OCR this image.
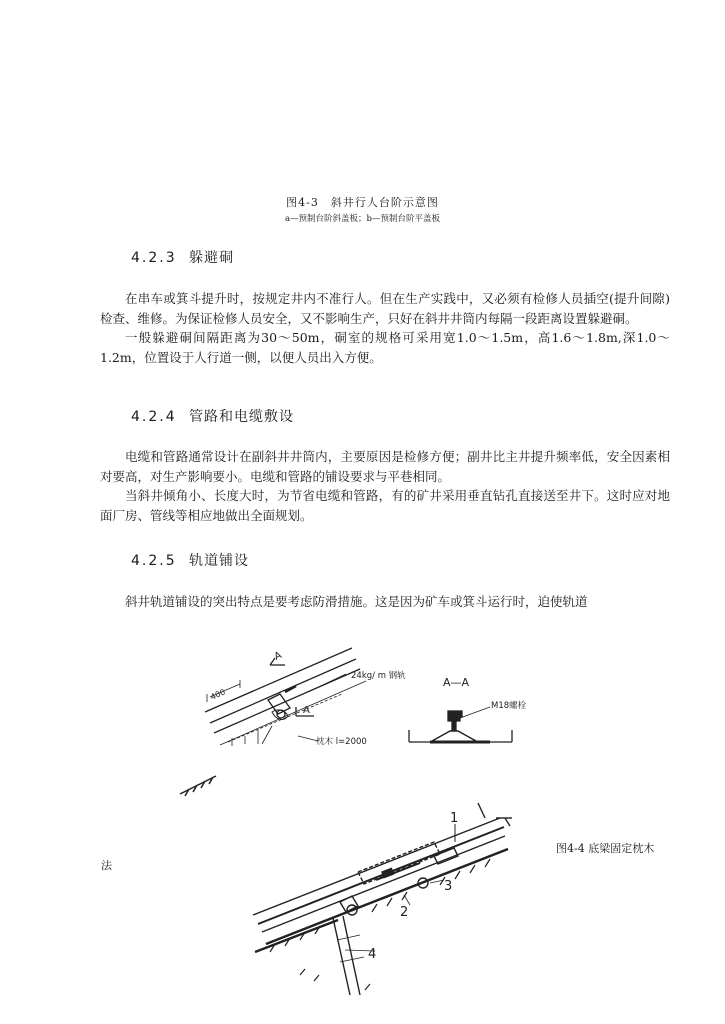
图4-3　斜井行人台阶示意图
a—预制台阶斜盖板；b—预制台阶平盖板
4.2.3 躲避硐

在串车或箕斗提升时，按规定井内不准行人。但在生产实践中，又必须有检修人员插空(提升间隙)检查、维修。为保证检修人员安全，又不影响生产，只好在斜井井筒内每隔一段距离设置躲避硐。

一般躲避硐间隔距离为30～50m，硐室的规格可采用宽1.0～1.5m，高1.6～1.8m,深1.0～1.2m，位置设于人行道一侧，以便人员出入方便。

4.2.4 管路和电缆敷设

电缆和管路通常设计在副斜井井筒内，主要原因是检修方便；副井比主井提升频率低，安全因素相对要高，对生产影响要小。电缆和管路的铺设要求与平巷相同。

当斜井倾角小、长度大时，为节省电缆和管路，有的矿井采用垂直钻孔直接送至井下。这时应对地面厂房、管线等相应地做出全面规划。

4.2.5 轨道铺设

斜井轨道铺设的突出特点是要考虑防滑措施。这是因为矿车或箕斗运行时，迫使轨道

A
A
400
24kg/ m 钢轨
枕木 l=2000
A—A
M18螺栓
1
2
3
4
图4-4 底梁固定枕木
法
